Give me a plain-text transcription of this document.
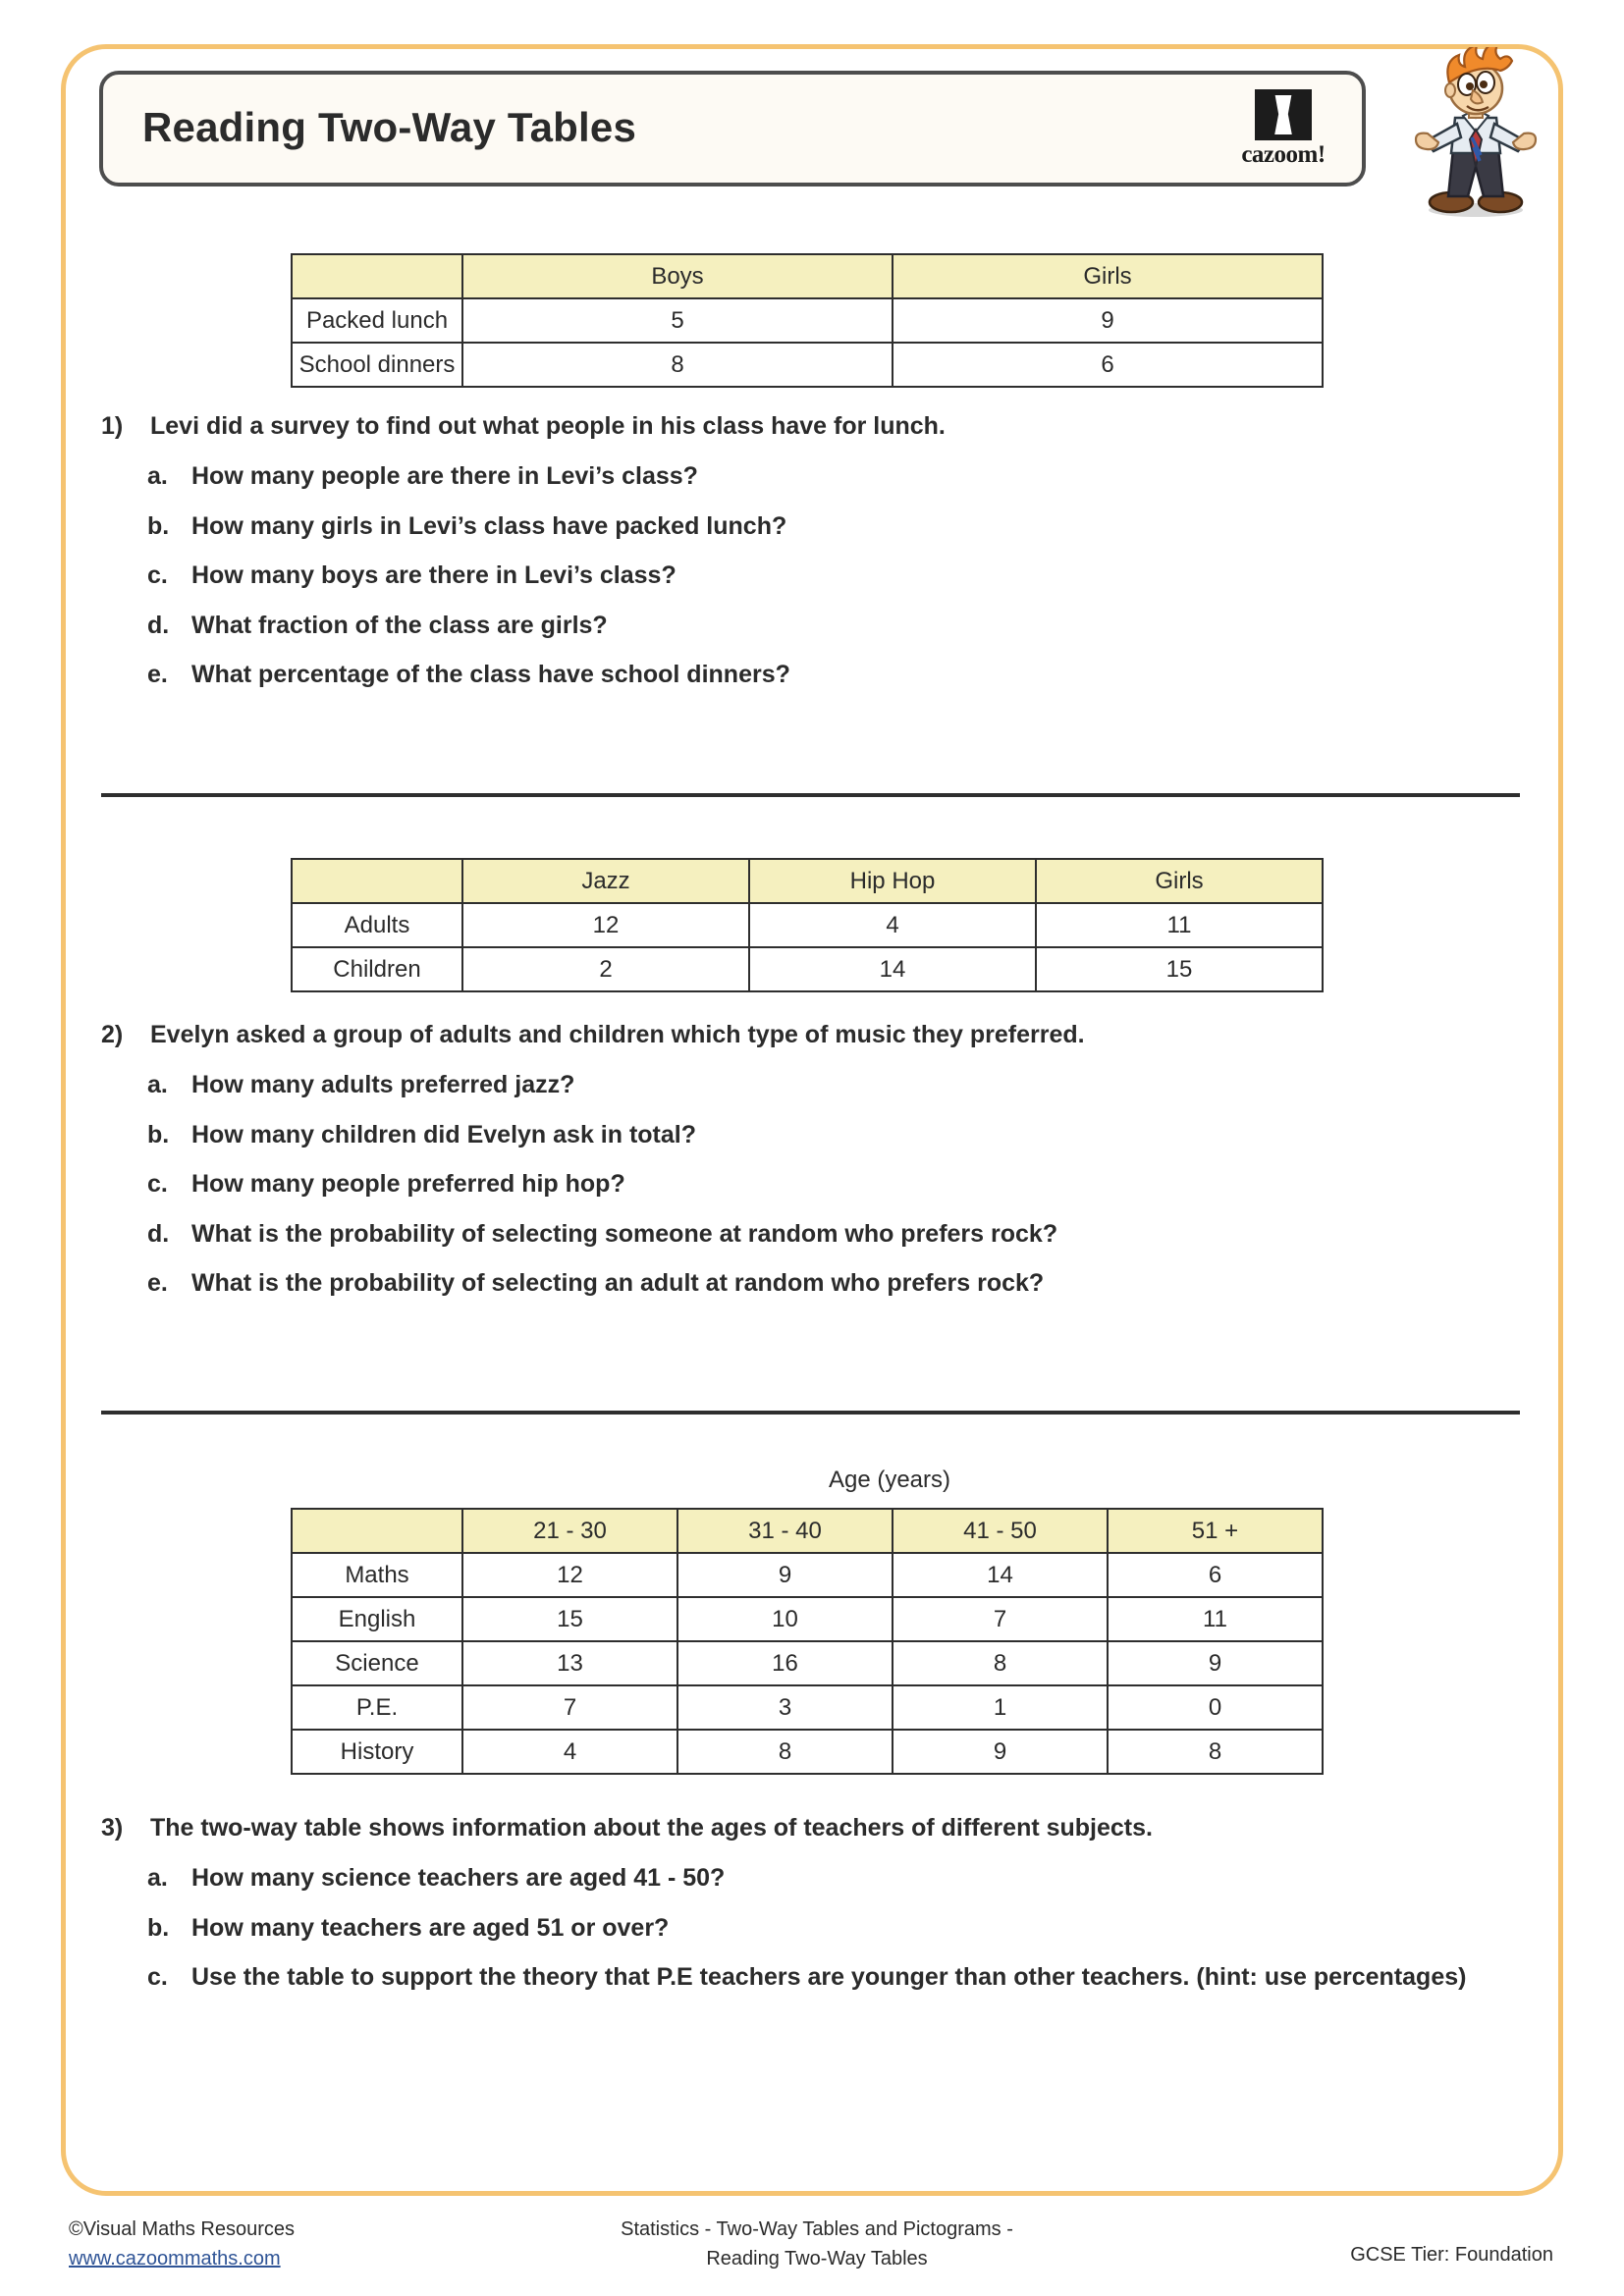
Reading Two-Way Tables
cazoom!
	Boys	Girls
Packed lunch	5	9
School dinners	8	6
1)	Levi did a survey to find out what people in his class have for lunch.
a. How many people are there in Levi’s class?
b. How many girls in Levi’s class have packed lunch?
c. How many boys are there in Levi’s class?
d. What fraction of the class are girls?
e. What percentage of the class have school dinners?
	Jazz	Hip Hop	Girls
Adults	12	4	11
Children	2	14	15
2)	Evelyn asked a group of adults and children which type of music they preferred.
a. How many adults preferred jazz?
b. How many children did Evelyn ask in total?
c. How many people preferred hip hop?
d. What is the probability of selecting someone at random who prefers rock?
e. What is the probability of selecting an adult at random who prefers rock?
Age (years)
	21 - 30	31 - 40	41 - 50	51 +
Maths	12	9	14	6
English	15	10	7	11
Science	13	16	8	9
P.E.	7	3	1	0
History	4	8	9	8
3)	The two-way table shows information about the ages of teachers of different subjects.
a. How many science teachers are aged 41 - 50?
b. How many teachers are aged 51 or over?
c. Use the table to support the theory that P.E teachers are younger than other teachers. (hint: use percentages)
©Visual Maths Resources
www.cazoommaths.com
Statistics - Two-Way Tables and Pictograms -
Reading Two-Way Tables	GCSE Tier: Foundation
